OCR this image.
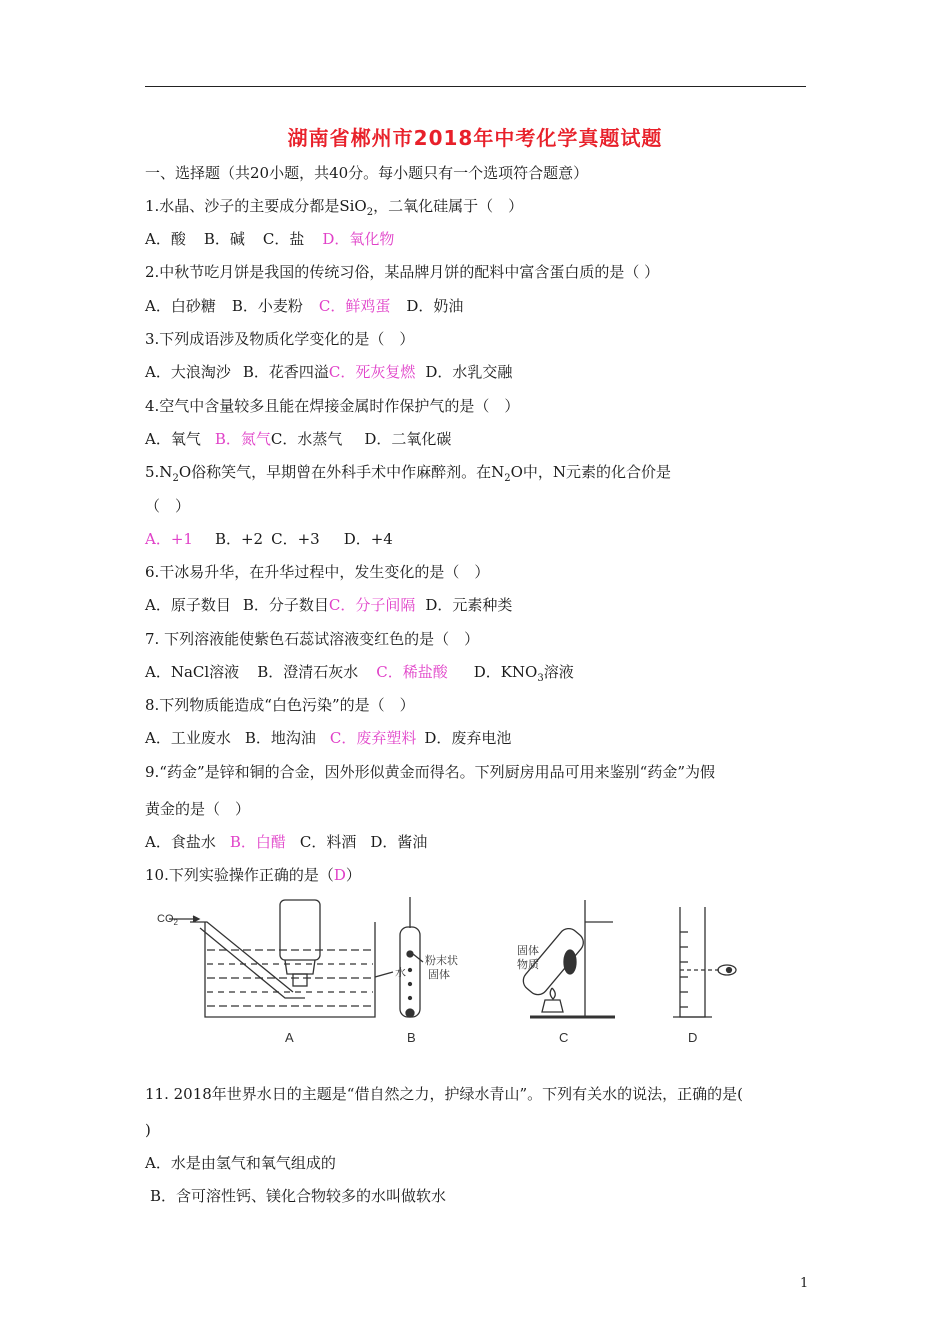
湖南省郴州市2018年中考化学真题试题
一、选择题（共20小题，共40分。每小题只有一个选项符合题意）
1.水晶、沙子的主要成分都是SiO$_2$，二氧化硅属于（　）
A．酸 B．碱 C．盐 D．氧化物
2.中秋节吃月饼是我国的传统习俗，某品牌月饼的配料中富含蛋白质的是（ ）
A．白砂糖 B．小麦粉 C．鲜鸡蛋 D．奶油
3.下列成语涉及物质化学变化的是（　）
A．大浪淘沙 B．花香四溢C．死灰复燃 D．水乳交融
4.空气中含量较多且能在焊接金属时作保护气的是（　）
A．氧气 B．氮气C．水蒸气 D．二氧化碳
$5.N_2O$俗称笑气，早期曾在外科手术中作麻醉剂。在$N_2O$中，N元素的化合价是
（　）
A．+1 B．+2 C．+3 D．+4
6.干冰易升华，在升华过程中，发生变化的是（　）
A．原子数目 B．分子数目C．分子间隔 D．元素种类
7. 下列溶液能使紫色石蕊试溶液变红色的是（　）
A．NaCl溶液 B．澄清石灰水 C．稀盐酸 D．$KNO_3$溶液
8.下列物质能造成“白色污染”的是（　）
A．工业废水 B．地沟油 C．废弃塑料 D．废弃电池
9.“药金”是锌和铜的合金，因外形似黄金而得名。下列厨房用品可用来鉴别“药金”为假
黄金的是（　）
A．食盐水 B．白醋 C．料酒 D．酱油
10.下列实验操作正确的是（D）
$CO_2$
水
粉末状
固体
固体
物质
A	B	C	D
11. 2018年世界水日的主题是“借自然之力，护绿水青山”。下列有关水的说法，正确的是(
)
A．水是由氢气和氧气组成的
B．含可溶性钙、镁化合物较多的水叫做软水
1
